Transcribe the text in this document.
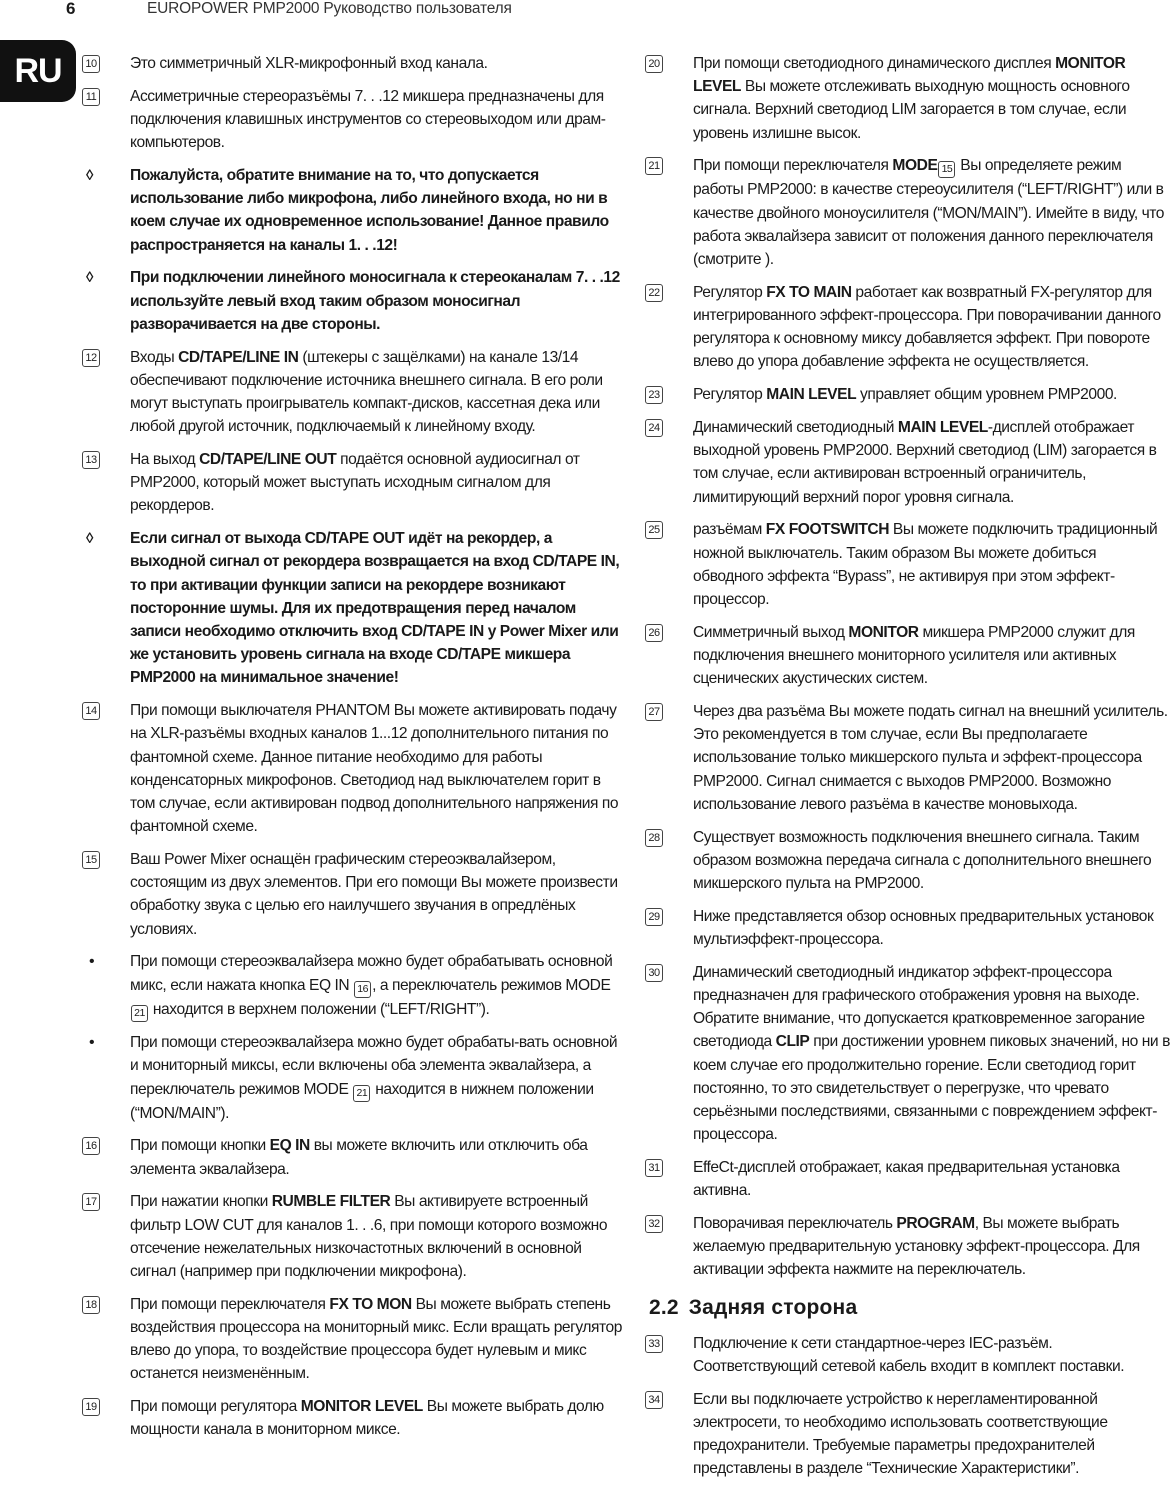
6	EUROPOWER PMP2000 Руководство пользователя
RU	10 Это симметричный XLR-микрофонный вход канала.
11 Ассиметричные стереоразъёмы 7. . .12 микшера предназначены для подключения клавишных инструментов со стереовыходом или драм-компьютеров.
◊ Пожалуйста, обратите внимание на то, что допускается использование либо микрофона, либо линейного входа, но ни в коем случае их одновременное использование! Данное правило распространяется на каналы 1. . .12!
◊ При подключении линейного моносигнала к стереоканалам 7. . .12 используйте левый вход таким образом моносигнал разворачивается на две стороны.
12 Входы CD/TAPE/LINE IN (штекеры с защёлками) на канале 13/14 обеспечивают подключение источника внешнего сигнала. В его роли могут выступать проигрыватель компакт-дисков, кассетная дека или любой другой источник, подключаемый к линейному входу.
13 На выход CD/TAPE/LINE OUT подаётся основной аудиосигнал от PMP2000, который может выступать исходным сигналом для рекордеров.
◊ Если сигнал от выхода CD/TAPE OUT идёт на рекордер, а выходной сигнал от рекордера возвращается на вход CD/TAPE IN, то при активации функции записи на рекордере возникают посторонние шумы. Для их предотвращения перед началом записи необходимо отключить вход CD/TAPE IN у Power Mixer или же установить уровень сигнала на входе CD/TAPE микшера PMP2000 на минимальное значение!
14 При помощи выключателя PHANTOM Вы можете активировать подачу на XLR-разъёмы входных каналов 1...12 дополнительного питания по фантомной схеме. Данное питание необходимо для работы конденсаторных микрофонов. Светодиод над выключателем горит в том случае, если активирован подвод дополнительного напряжения по фантомной схеме.
15 Ваш Power Mixer оснащён графическим стереоэквалайзером, состоящим из двух элементов. При его помощи Вы можете произвести обработку звука с целью его наилучшего звучания в опредлёных условиях.
• При помощи стереоэквалайзера можно будет обрабатывать основной микс, если нажата кнопка EQ IN 16 , а переключатель режимов MODE 21 находится в верхнем положении (“LEFT/RIGHT”).
• При помощи стереоэквалайзера можно будет обрабаты-вать основной и мониторный миксы, если включены оба элемента эквалайзера, а переключатель режимов MODE 21 находится в нижнем положении (“MON/MAIN”).
16 При помощи кнопки EQ IN вы можете включить или отключить оба элемента эквалайзера.
17 При нажатии кнопки RUMBLE FILTER Вы активируете встроенный фильтр LOW CUT для каналов 1. . .6, при помощи которого возможно отсечение нежелательных низкочастотных включений в основной сигнал (например при подключении микрофона).
18 При помощи переключателя FX TO MON Вы можете выбрать степень воздействия процессора на мониторный микс. Если вращать регулятор влево до упора, то воздействие процессора будет нулевым и микс останется неизменённым.
19 При помощи регулятора MONITOR LEVEL Вы можете выбрать долю мощности канала в мониторном миксе.
20 При помощи светодиодного динамического дисплея MONITOR LEVEL Вы можете отслеживать выходную мощность основного сигнала. Верхний светодиод LIM загорается в том случае, если уровень излишне высок.
21 При помощи переключателя MODE 15 Вы определяете режим работы PMP2000: в качестве стереоусилителя (“LEFT/RIGHT”) или в качестве двойного моноусилителя (“MON/MAIN”). Имейте в виду, что работа эквалайзера зависит от положения данного переключателя (смотрите ).
22 Регулятор FX TO MAIN работает как возвратный FX-регулятор для интегрированного эффект-процессора. При поворачивании данного регулятора к основному миксу добавляется эффект. При повороте влево до упора добавление эффекта не осуществляется.
23 Регулятор MAIN LEVEL управляет общим уровнем PMP2000.
24 Динамический светодиодный MAIN LEVEL-дисплей отображает выходной уровень PMP2000. Верхний светодиод (LIM) загорается в том случае, если активирован встроенный ограничитель, лимитирующий верхний порог уровня сигнала.
25 разъёмам FX FOOTSWITCH Вы можете подключить традиционный ножной выключатель. Таким образом Вы можете добиться обводного эффекта “Bypass”, не активируя при этом эффект-процессор.
26 Симметричный выход MONITOR микшера PMP2000 служит для подключения внешнего мониторного усилителя или активных сценических акустических систем.
27 Через два разъёма Вы можете подать сигнал на внешний усилитель. Это рекомендуется в том случае, если Вы предполагаете использование только микшерского пульта и эффект-процессора PMP2000. Сигнал снимается с выходов PMP2000. Возможно использование левого разъёма в качестве моновыхода.
28 Существует возможность подключения внешнего сигнала. Таким образом возможна передача сигнала с дополнительного внешнего микшерского пульта на PMP2000.
29 Ниже представляется обзор основных предварительных установок мультиэффект-процессора.
30 Динамический светодиодный индикатор эффект-процессора предназначен для графического отображения уровня на выходе. Обратите внимание, что допускается кратковременное загорание светодиода CLIP при достижении уровнем пиковых значений, но ни в коем случае его продолжительно горение. Если светодиод горит постоянно, то это свидетельствует о перегрузке, что чревато серьёзными последствиями, связанными с повреждением эффект-процессора.
31 EffeCt-дисплей отображает, какая предварительная установка активна.
32 Поворачивая переключатель PROGRAM, Вы можете выбрать желаемую предварительную установку эффект-процессора. Для активации эффекта нажмите на переключатель.
2.2 Задняя сторона
33 Подключение к сети стандартное-через IEC-разъём. Соответствующий сетевой кабель входит в комплект поставки.
34 Если вы подключаете устройство к нерегламентированной электросети, то необходимо использовать соответствующие предохранители. Требуемые параметры предохранителей представлены в разделе “Технические Характеристики”.
